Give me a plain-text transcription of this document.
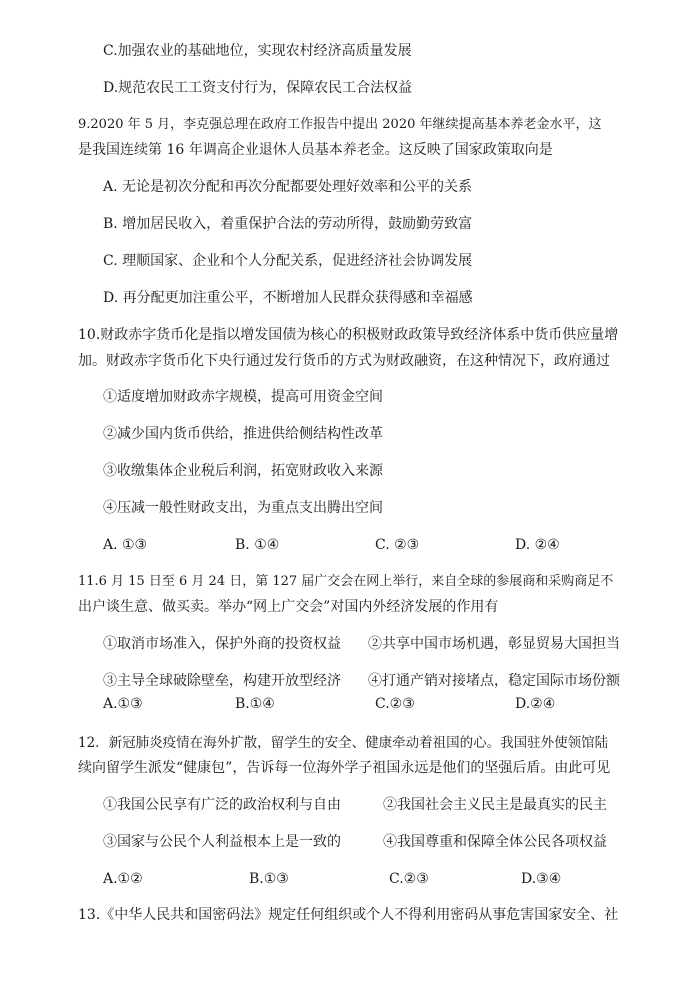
C.加强农业的基础地位，实现农村经济高质量发展
D.规范农民工工资支付行为，保障农民工合法权益
9.2020 年 5 月，李克强总理在政府工作报告中提出 2020 年继续提高基本养老金水平，这
是我国连续第 16 年调高企业退休人员基本养老金。这反映了国家政策取向是
A. 无论是初次分配和再次分配都要处理好效率和公平的关系
B. 增加居民收入，着重保护合法的劳动所得，鼓励勤劳致富
C. 理顺国家、企业和个人分配关系，促进经济社会协调发展
D. 再分配更加注重公平，不断增加人民群众获得感和幸福感
10.财政赤字货币化是指以增发国债为核心的积极财政政策导致经济体系中货币供应量增
加。财政赤字货币化下央行通过发行货币的方式为财政融资，在这种情况下，政府通过
①适度增加财政赤字规模，提高可用资金空间
②减少国内货币供给，推进供给侧结构性改革
③收缴集体企业税后利润，拓宽财政收入来源
④压减一般性财政支出，为重点支出腾出空间
A. ①③	B. ①④	C. ②③	D. ②④
11.6 月 15 日至 6 月 24 日，第 127 届广交会在网上举行，来自全球的参展商和采购商足不
出户谈生意、做买卖。举办“网上广交会”对国内外经济发展的作用有
①取消市场准入，保护外商的投资权益 ②共享中国市场机遇，彰显贸易大国担当
③主导全球破除壁垒，构建开放型经济 ④打通产销对接堵点，稳定国际市场份额
A.①③	B.①④	C.②③	D.②④
12．新冠肺炎疫情在海外扩散，留学生的安全、健康牵动着祖国的心。我国驻外使领馆陆
续向留学生派发“健康包”，告诉每一位海外学子祖国永远是他们的坚强后盾。由此可见
①我国公民享有广泛的政治权利与自由	②我国社会主义民主是最真实的民主
③国家与公民个人利益根本上是一致的	④我国尊重和保障全体公民各项权益
A.①②	B.①③	C.②③	D.③④
13.《中华人民共和国密码法》规定任何组织或个人不得利用密码从事危害国家安全、社
